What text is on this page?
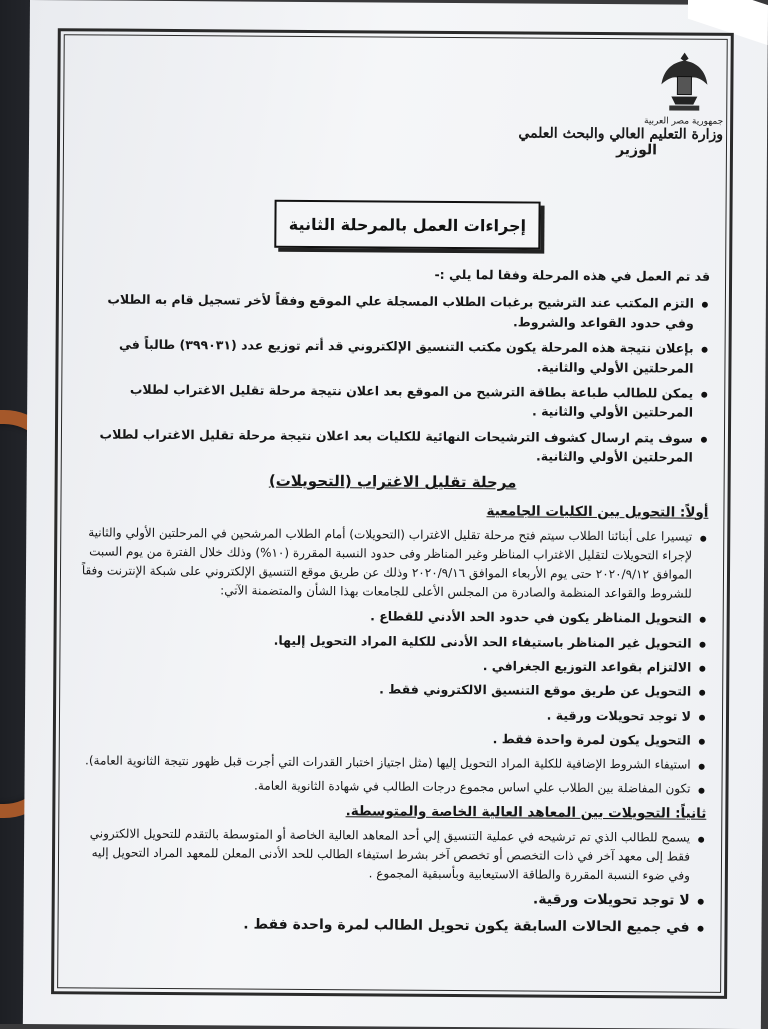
جمهورية مصر العربية
وزارة التعليم العالي والبحث العلمي
الوزير
إجراءات العمل بالمرحلة الثانية

قد تم العمل في هذه المرحلة وفقا لما يلي :-

التزم المكتب عند الترشيح برغبات الطلاب المسجلة علي الموقع وفقاً لأخر تسجيل قام به الطلاب وفي حدود القواعد والشروط.
بإعلان نتيجة هذه المرحلة يكون مكتب التنسيق الإلكتروني قد أتم توزيع عدد (٣٩٩٠٣١) طالباً في المرحلتين الأولي والثانية.
يمكن للطالب طباعة بطاقة الترشيح من الموقع بعد اعلان نتيجة مرحلة تقليل الاغتراب لطلاب المرحلتين الأولي والثانية .
سوف يتم ارسال كشوف الترشيحات النهائية للكليات بعد اعلان نتيجة مرحلة تقليل الاغتراب لطلاب المرحلتين الأولي والثانية.

مرحلة تقليل الاغتراب (التحويلات)

أولاً: التحويل بين الكليات الجامعية

تيسيرا على أبنائنا الطلاب سيتم فتح مرحلة تقليل الاغتراب (التحويلات) أمام الطلاب المرشحين في المرحلتين الأولي والثانية لإجراء التحويلات لتقليل الاغتراب المناظر وغير المناظر وفى حدود النسبة المقررة (١٠%) وذلك خلال الفترة من يوم السبت الموافق ٢٠٢٠/٩/١٢ حتى يوم الأربعاء الموافق ٢٠٢٠/٩/١٦ وذلك عن طريق موقع التنسيق الإلكتروني على شبكة الإنترنت وفقاً للشروط والقواعد المنظمة والصادرة من المجلس الأعلى للجامعات بهذا الشأن والمتضمنة الآتي:
التحويل المناظر يكون في حدود الحد الأدني للقطاع .
التحويل غير المناظر باستيفاء الحد الأدنى للكلية المراد التحويل إليها.
الالتزام بقواعد التوزيع الجغرافي .
التحويل عن طريق موقع التنسيق الالكتروني فقط .
لا توجد تحويلات ورقية .
التحويل يكون لمرة واحدة فقط .
استيفاء الشروط الإضافية للكلية المراد التحويل إليها (مثل اجتياز اختبار القدرات التي أجرت قبل ظهور نتيجة الثانوية العامة).
تكون المفاضلة بين الطلاب علي اساس مجموع درجات الطالب في شهادة الثانوية العامة.

ثانياً: التحويلات بين المعاهد العالية الخاصة والمتوسطة.

يسمح للطالب الذي تم ترشيحه في عملية التنسيق إلي أحد المعاهد العالية الخاصة أو المتوسطة بالتقدم للتحويل الالكتروني فقط إلى معهد آخر في ذات التخصص أو تخصص آخر بشرط استيفاء الطالب للحد الأدنى المعلن للمعهد المراد التحويل إليه وفي ضوء النسبة المقررة والطاقة الاستيعابية وبأسبقية المجموع .
لا توجد تحويلات ورقية.
في جميع الحالات السابقة يكون تحويل الطالب لمرة واحدة فقط .
